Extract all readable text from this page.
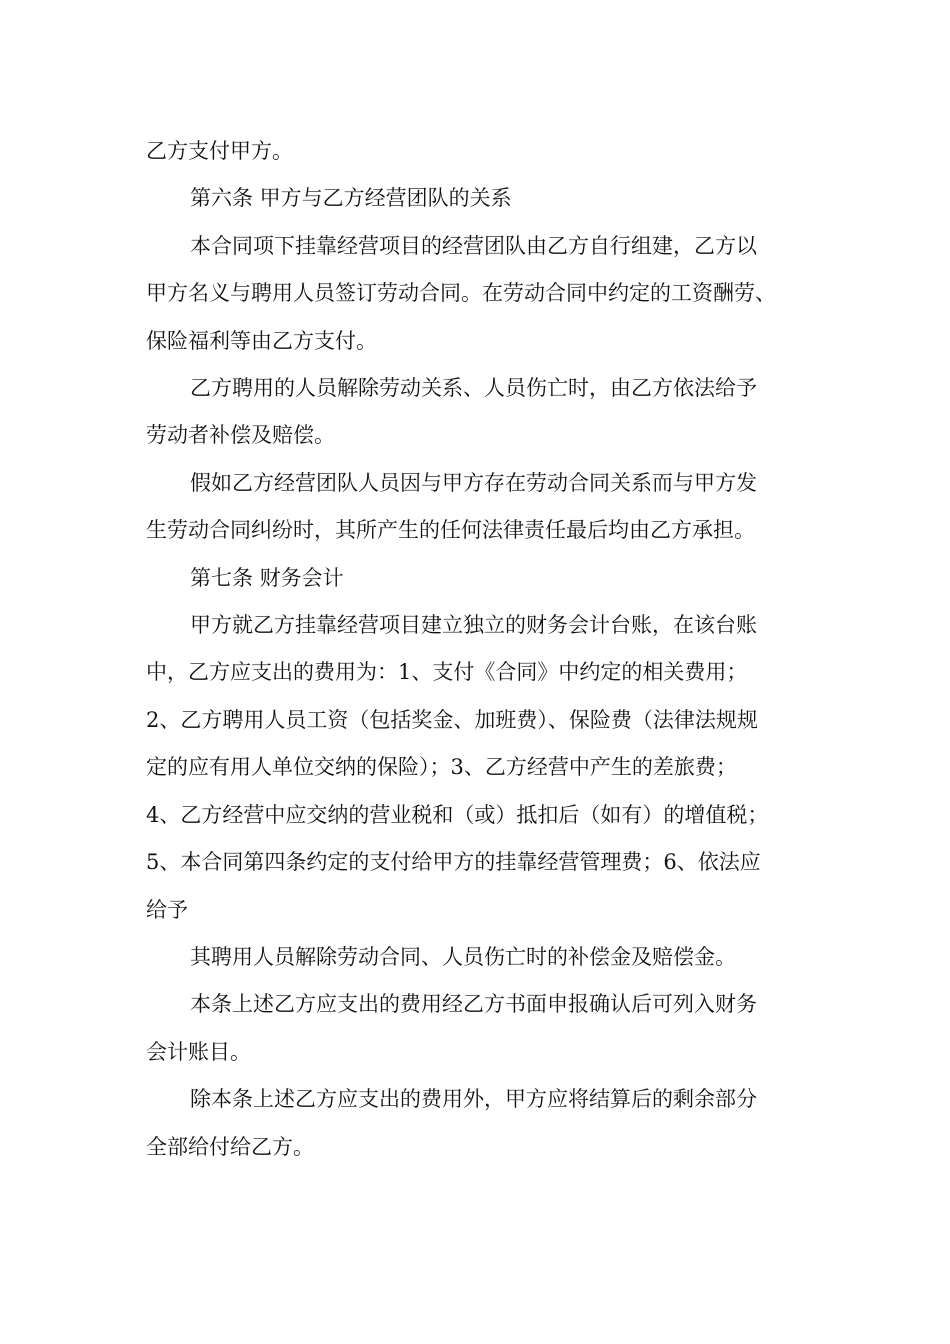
乙方支付甲方。
第六条 甲方与乙方经营团队的关系
本合同项下挂靠经营项目的经营团队由乙方自行组建，乙方以
甲方名义与聘用人员签订劳动合同。在劳动合同中约定的工资酬劳、
保险福利等由乙方支付。
乙方聘用的人员解除劳动关系、人员伤亡时，由乙方依法给予
劳动者补偿及赔偿。
假如乙方经营团队人员因与甲方存在劳动合同关系而与甲方发
生劳动合同纠纷时，其所产生的任何法律责任最后均由乙方承担。
第七条 财务会计
甲方就乙方挂靠经营项目建立独立的财务会计台账，在该台账
中，乙方应支出的费用为：1、支付《合同》中约定的相关费用；
2、乙方聘用人员工资（包括奖金、加班费）、保险费（法律法规规
定的应有用人单位交纳的保险）；3、乙方经营中产生的差旅费；
4、乙方经营中应交纳的营业税和（或）抵扣后（如有）的增值税；
5、本合同第四条约定的支付给甲方的挂靠经营管理费；6、依法应
给予
其聘用人员解除劳动合同、人员伤亡时的补偿金及赔偿金。
本条上述乙方应支出的费用经乙方书面申报确认后可列入财务
会计账目。
除本条上述乙方应支出的费用外，甲方应将结算后的剩余部分
全部给付给乙方。
